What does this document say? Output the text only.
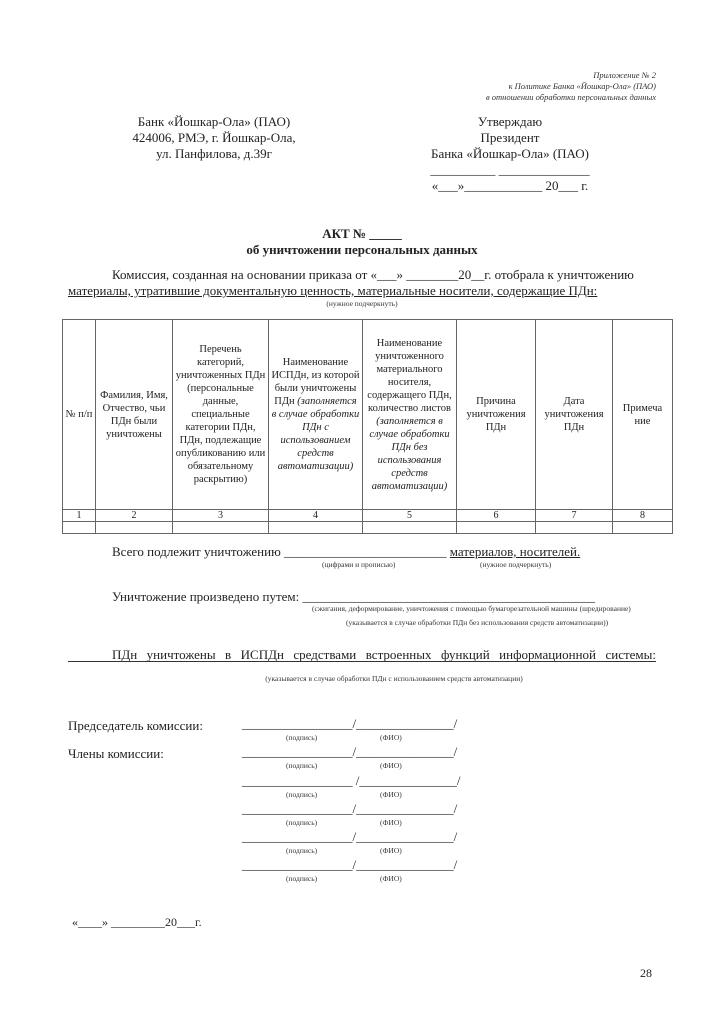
Приложение № 2
к Политике Банка «Йошкар-Ола» (ПАО)
в отношении обработки персональных данных
Банк «Йошкар-Ола» (ПАО)
424006, РМЭ, г. Йошкар-Ола,
ул. Панфилова, д.39г
Утверждаю
Президент
Банка «Йошкар-Ола» (ПАО)
__________ ______________
«___»____________ 20___ г.
АКТ № _____
об уничтожении персональных данных
Комиссия, созданная на основании приказа от «___» ________20__г. отобрала к уничтожению
материалы, утратившие документальную ценность, материальные носители, содержащие ПДн:
(нужное подчеркнуть)
№ п/п	Фамилия, Имя, Отчество, чьи ПДн были уничтожены	Перечень категорий, уничтоженных ПДн (персональные данные, специальные категории ПДн, ПДн, подлежащие опубликованию или обязательному раскрытию)	Наименование ИСПДн, из которой были уничтожены ПДн (заполняется в случае обработки ПДн с использованием средств автоматизации)	Наименование уничтоженного материального носителя, содержащего ПДн, количество листов (заполняется в случае обработки ПДн без использования средств автоматизации)	Причина уничтожения ПДн	Дата уничтожения ПДн	Примеча ние
1	2	3	4	5	6	7	8

Всего подлежит уничтожению _________________________ материалов, носителей.
(цифрами и прописью)	(нужное подчеркнуть)
Уничтожение произведено путем: _____________________________________________
(сжигания, деформирование, уничтожения с помощью бумагорезательной машины (шредирование)
(указывается в случае обработки ПДн без использования средств автоматизации))
ПДн уничтожены в ИСПДн средствами встроенных функций информационной системы:
(указывается в случае обработки ПДн с использованием средств автоматизации)
Председатель комиссии:	_________________/_______________/
(подпись)	(ФИО)
Члены комиссии:	_________________/_______________/
(подпись)	(ФИО)
_________________ /_______________/
(подпись)	(ФИО)
_________________/_______________/
(подпись)	(ФИО)
_________________/_______________/
(подпись)	(ФИО)
_________________/_______________/
(подпись)	(ФИО)
«____» _________20___г.
28
